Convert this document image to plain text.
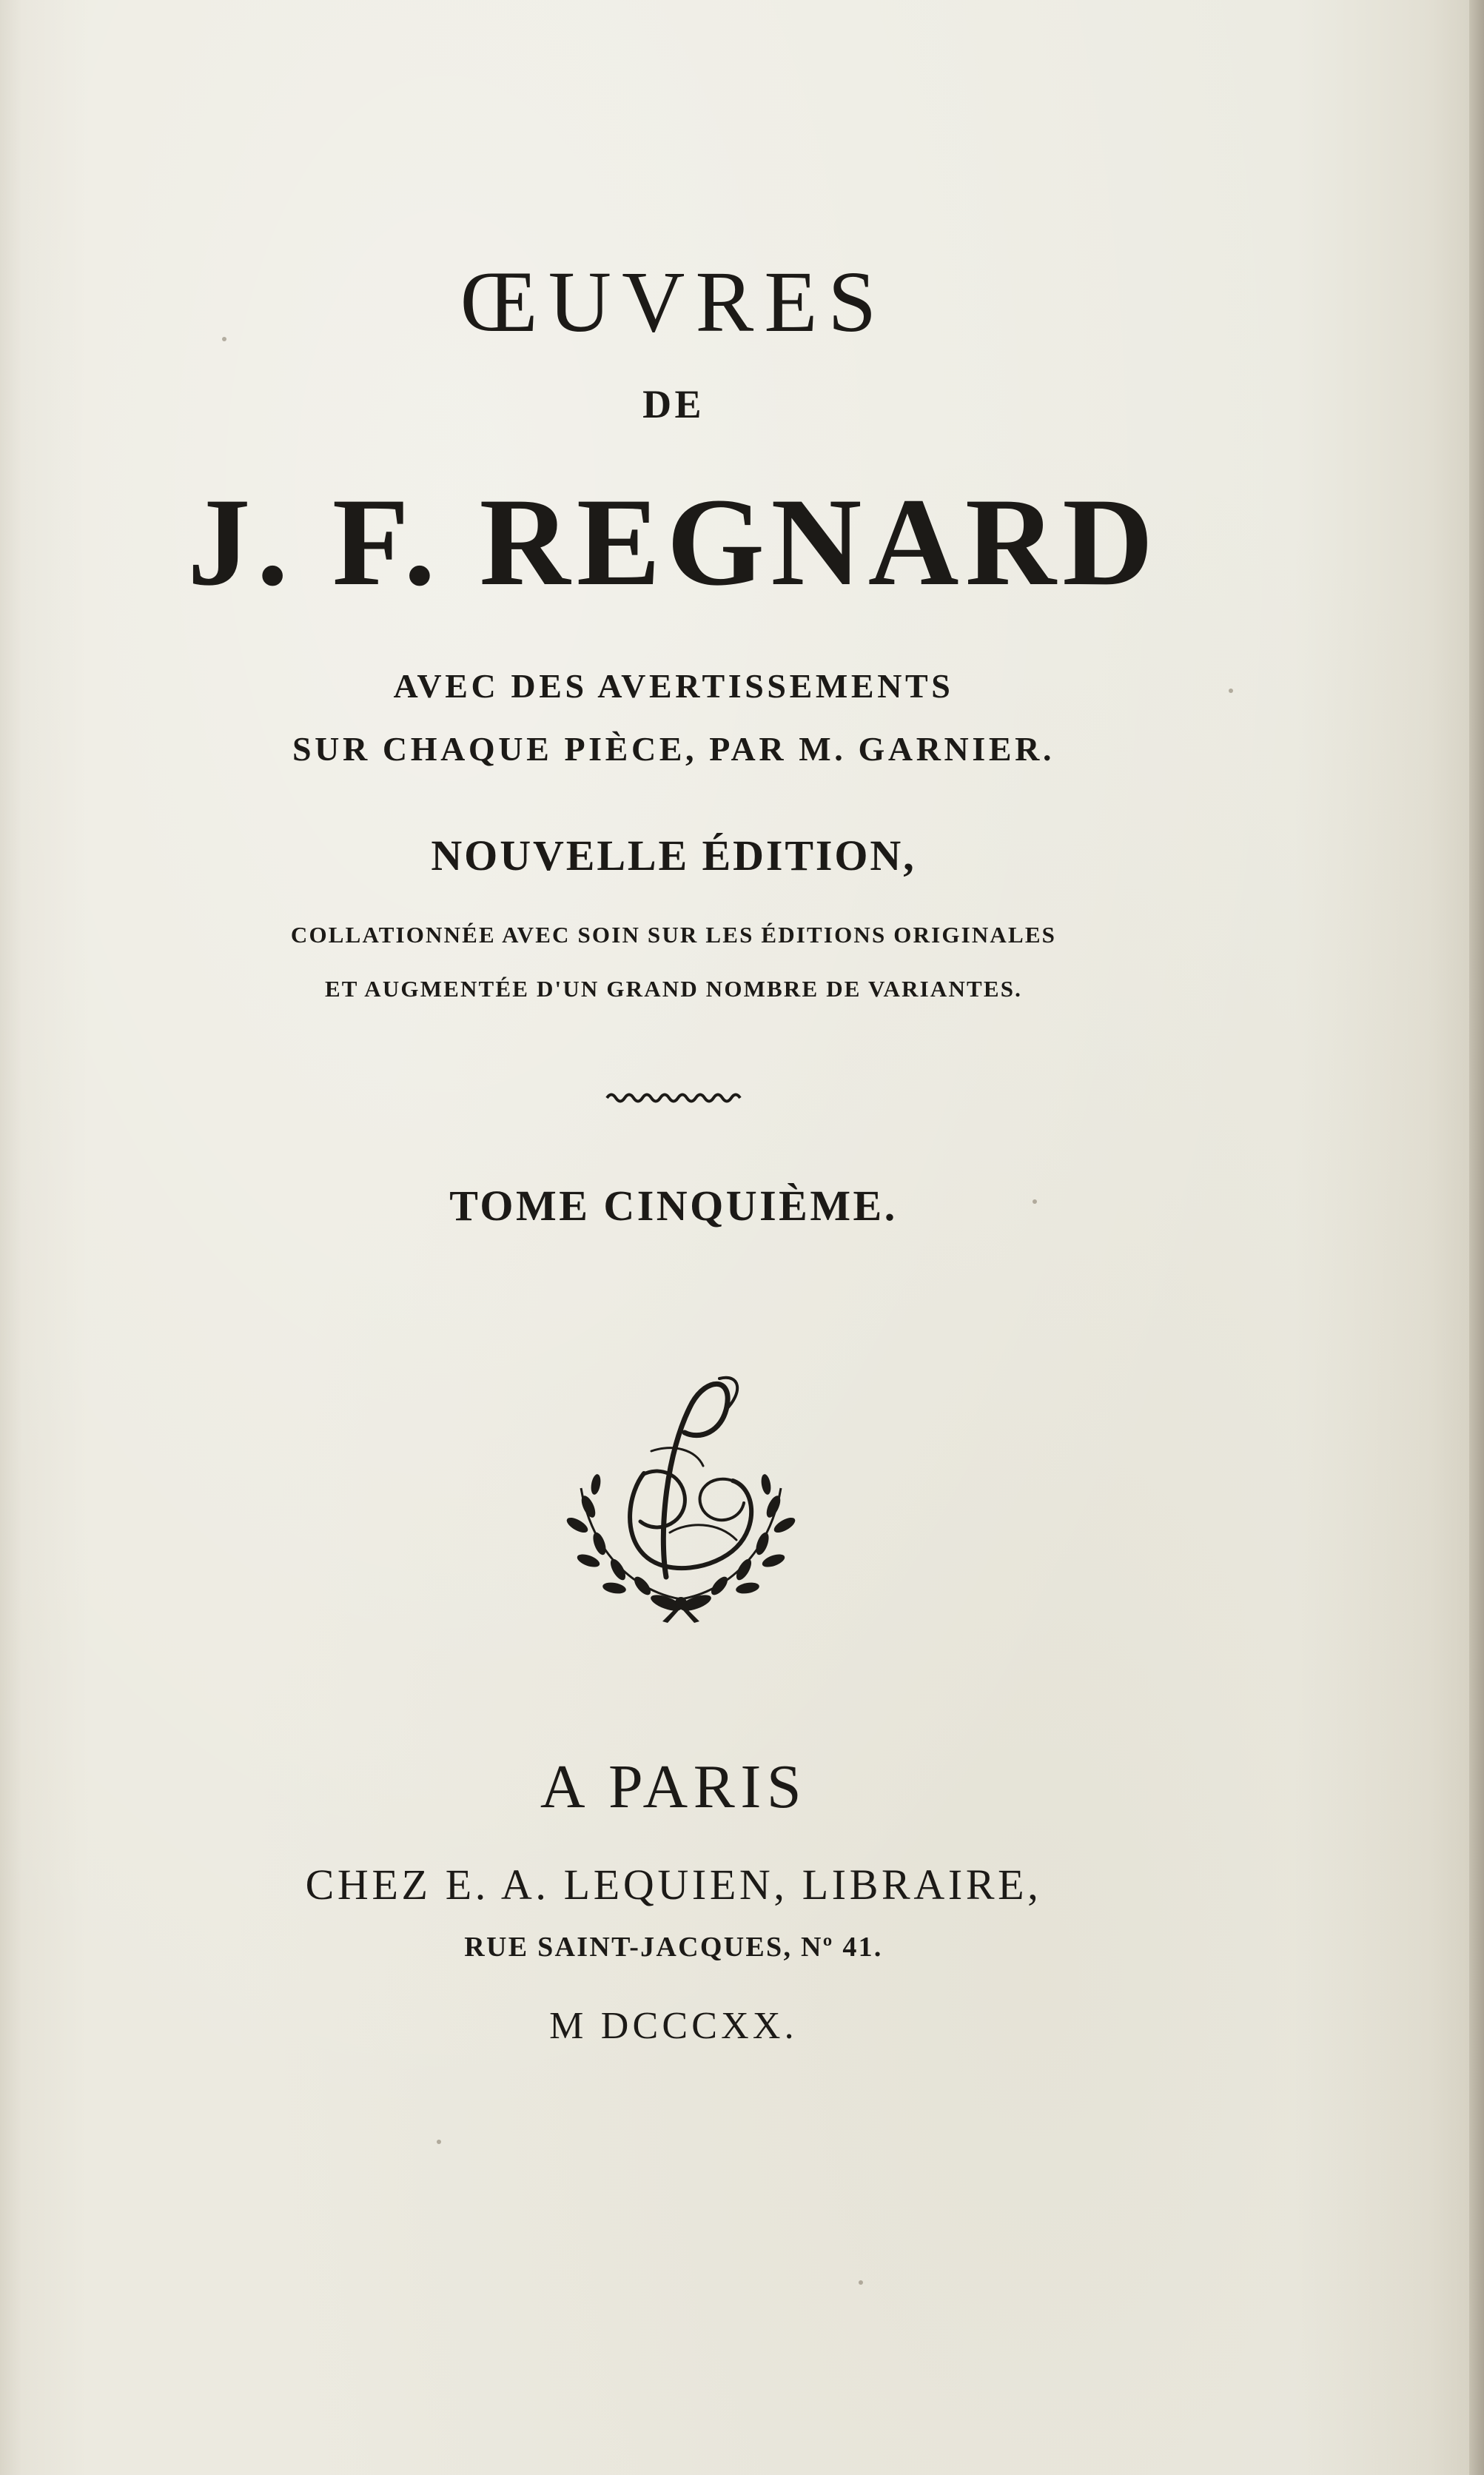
ŒUVRES
DE
J. F. REGNARD
AVEC DES AVERTISSEMENTS
SUR CHAQUE PIÈCE, PAR M. GARNIER.
NOUVELLE ÉDITION,
COLLATIONNÉE AVEC SOIN SUR LES ÉDITIONS ORIGINALES
ET AUGMENTÉE D'UN GRAND NOMBRE DE VARIANTES.
TOME CINQUIÈME.
A PARIS
CHEZ E. A. LEQUIEN, LIBRAIRE,
RUE SAINT-JACQUES, Nº 41.
M DCCCXX.
